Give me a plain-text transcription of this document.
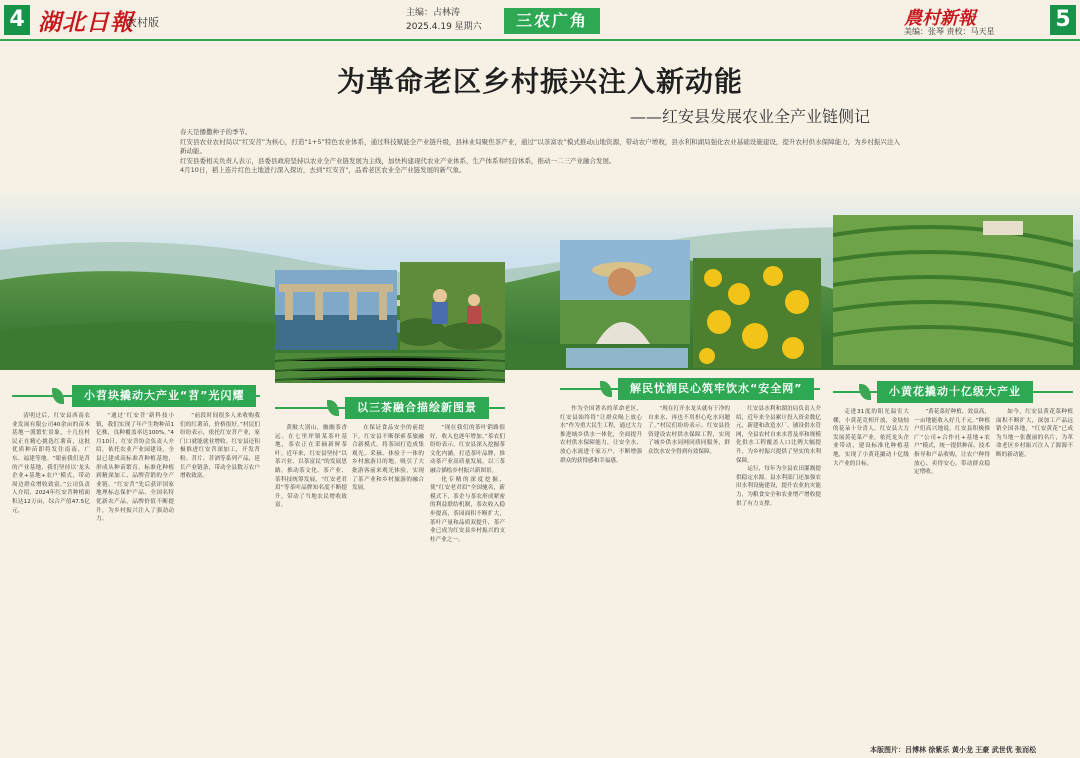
4 湖北日報
农村版
主编：占林涛
2025.4.19 星期六	三农广角	農村新報
美编：张琴 责校：马天星	5
为革命老区乡村振兴注入新动能
——红安县发展农业全产业链侧记

春天是播撒种子的季节。

红安县农业农村局以“红安苕”为核心，打造“1+5”特色农业体系，通过科技赋能全产业链升级，县林业局聚焦茶产业，通过“以茶富农”模式推动山地资源，带动农户增收，县水利和湖局强化农业基础设施建设，提升农村供水保障能力，为乡村振兴注入新动能。

红安县委相关负责人表示，县委县政府坚持以农业全产业链发展为主线，加快构建现代农业产业体系、生产体系和经营体系，推动一二三产业融合发展。

4月10日，稻上连片红色土地进行深入探访，去到“红安苕”，品看老区农业全产业链发展的新气象。

小苕块撬动大产业“苕”光闪耀
以三茶融合描绘新图景
解民忧润民心筑牢饮水“安全网”	小黄花撬动十亿级大产业

清明过后，红安县西南农业发展有限公司40余亩的苗木基地一派繁忙景象，十几位村民正在精心挑选红薯苗，这批优质种苗即将发往南南、广东、福建等地。“眼前我们是苕的产业基地，我们坚持以‘龙头企业+基地+农户’模式，带动周边群众增收致富。”公司负责人介绍，2024年红安苕种植面积达12万亩，综合产值47.5亿元。

“通过‘红安苕’新科技小镇，我们实现了年产生物种苗1亿株，良种覆盖率达100%。”4月10日，红安苕协会负责人介绍，依托农业产业园建设，全县已建成高标准苕种植基地，形成从种苗繁育、标准化种植到精深加工、品牌营销的全产业链。“红安苕”先后获评国家地理标志保护产品、全国名特优新农产品，品牌价值不断提升，为乡村振兴注入了强劲动力。

“前段时间很多人来收购我们的红薯苗，价格很好。”村民们纷纷表示，依托红安苕产业，家门口就能就业增收。红安县还积极推进红安苕深加工，开发苕粉、苕片、苕酒等系列产品，延长产业链条，带动全县数万农户增收致富。

黄陂大别山，幽幽茶香远。在七里坪镇某茶叶基地，茶农正在采摘新鲜茶叶。近年来，红安县坚持“以茶兴业、以茶富民”的发展思路，推动茶文化、茶产业、茶科技统筹发展，“红安老君眉”等茶叶品牌知名度不断提升，带动了当地农民增收致富。

在保证食品安全的前提下，红安县不断探索茶旅融合新模式，将茶园打造成集观光、采摘、体验于一体的乡村旅游目的地，吸引了大批游客前来观光体验，实现了茶产业和乡村旅游的融合发展。

“现在我们的茶叶销路很好，收入也逐年增加。”茶农们纷纷表示。红安县深入挖掘茶文化内涵，打造茶叶品牌，推动茶产业高质量发展，以三茶融合描绘乡村振兴新图景。

化专精的深度挖掘，使“红安老君眉”全国驰名，新模式下，茶企与茶农形成紧密的利益联结机制，茶农收入稳步提高，茶园面积不断扩大，茶叶产量和品质双提升，茶产业已成为红安县乡村振兴的支柱产业之一。

作为全国著名的革命老区，红安县始终将“让群众喝上放心水”作为重大民生工程，通过大力推进城乡供水一体化，全面提升农村供水保障能力，让安全水、放心水流进千家万户，不断增强群众的获得感和幸福感。

“现在打开水龙头就有干净的自来水，再也不用担心吃水问题了。”村民们纷纷表示。红安县投资建设农村供水保障工程，实现了城乡供水同网同质同服务，群众饮水安全得到有效保障。

红安县水利和湖泊局负责人介绍，近年来全县累计投入资金数亿元，新建和改造水厂、铺设供水管网，全县农村自来水普及率和规模化供水工程覆盖人口比例大幅提升，为乡村振兴提供了坚实的水利保障。

运行，每年为全县农田灌溉提供稳定水源。县水利部门还加强农田水利设施建设，提升农业抗灾能力，为粮食安全和农业增产增收提供了有力支撑。

走进31度的阳光温室大棚，小黄花竞相开放，金灿灿的花朵十分喜人。红安县大力发展黄花菜产业，依托龙头企业带动，建设标准化种植基地，实现了小黄花撬动十亿级大产业的目标。

“黄花菜好种植、效益高，一亩地能收入好几千元。”种植户们高兴地说。红安县积极推广“公司+合作社+基地+农户”模式，统一提供种苗、技术指导和产品收购，让农户种得放心、卖得安心，带动群众稳定增收。

如今，红安县黄花菜种植面积不断扩大，深加工产品远销全国各地，“红安黄花”已成为当地一张靓丽的名片，为革命老区乡村振兴注入了源源不断的新动能。

本版图片：吕博林 徐紫乐 黄小龙 王豪 武世优 张而松
